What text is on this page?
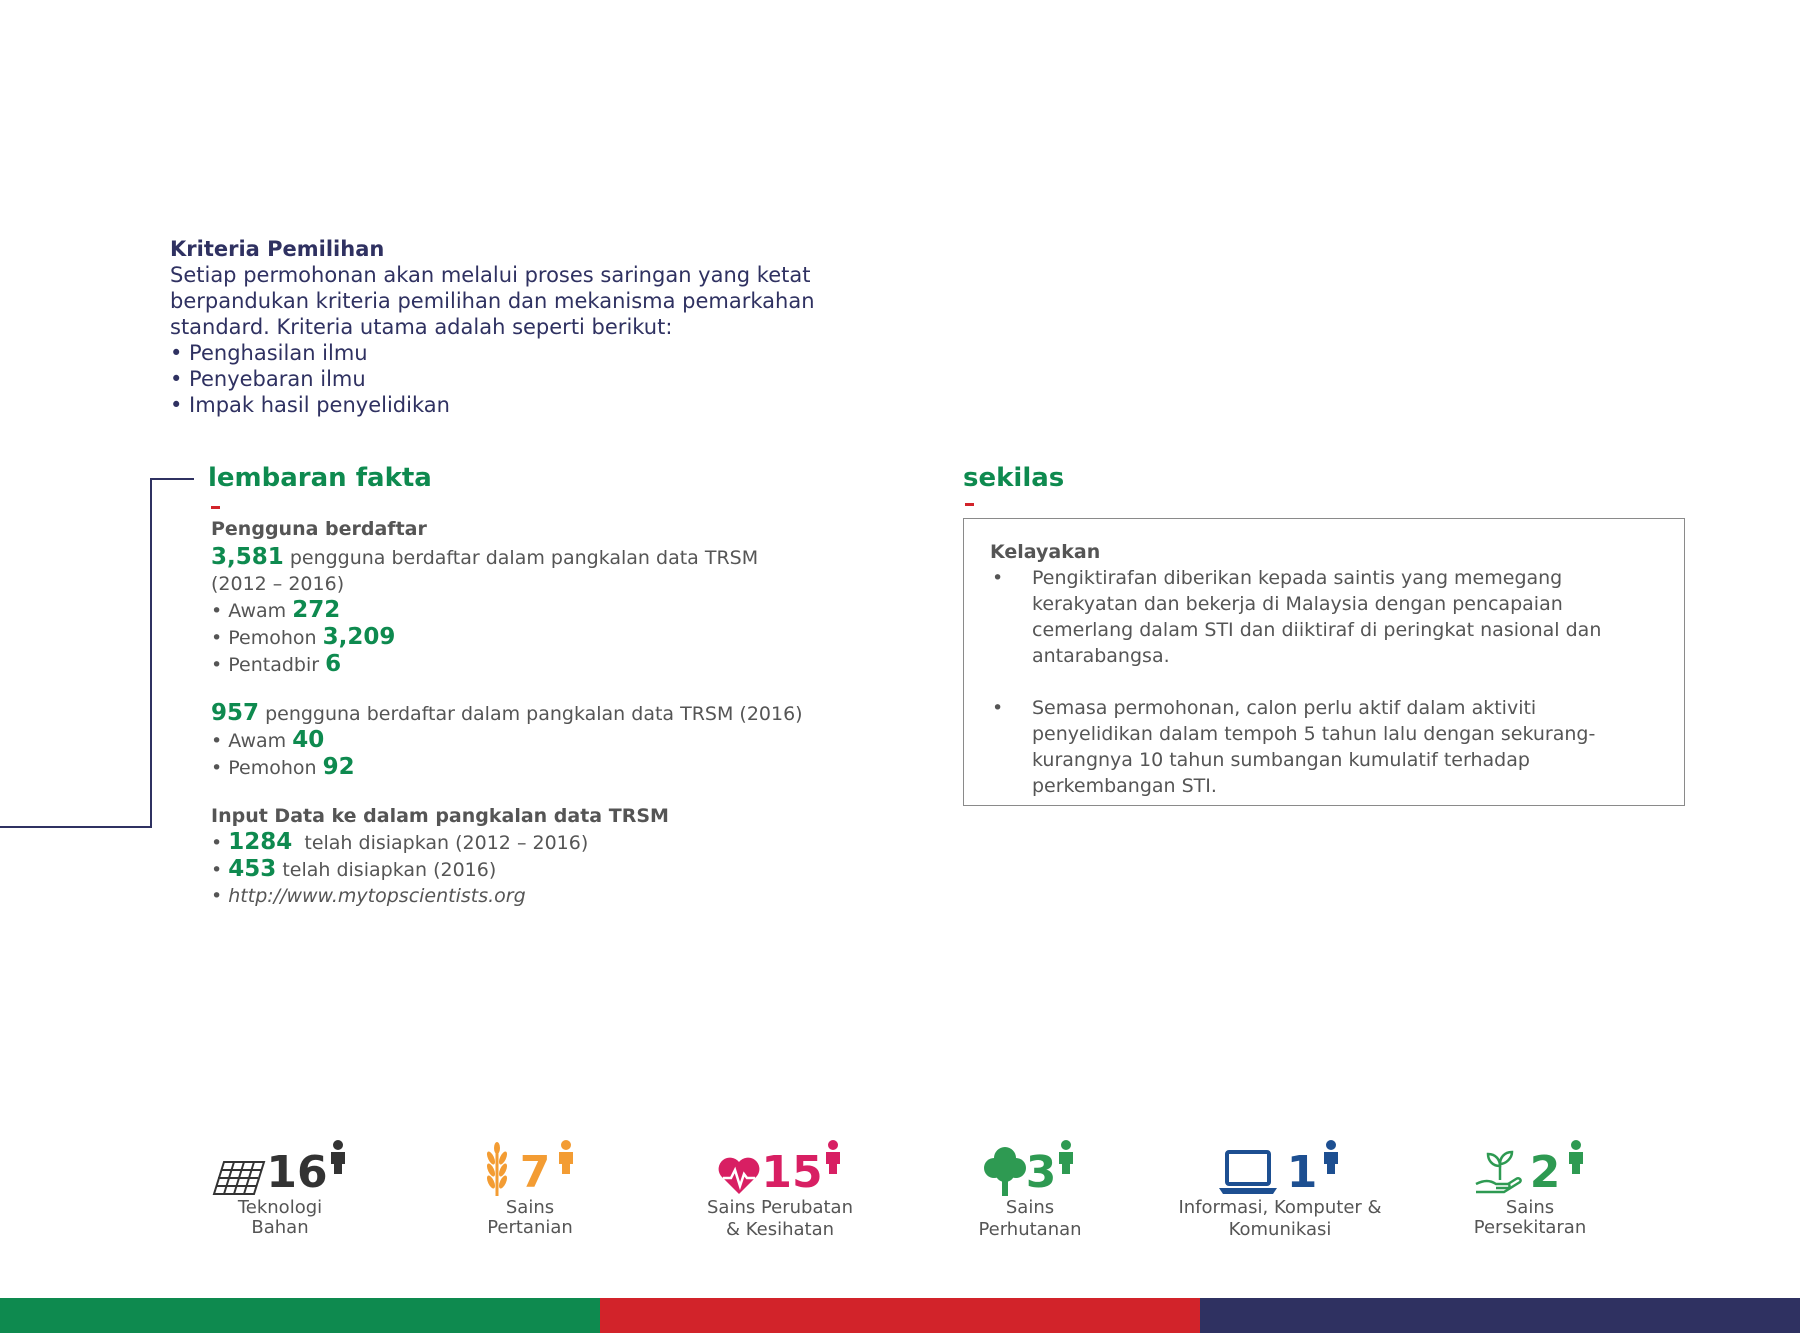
Kriteria Pemilihan
Setiap permohonan akan melalui proses saringan yang ketat
berpandukan kriteria pemilihan dan mekanisma pemarkahan
standard. Kriteria utama adalah seperti berikut:
• Penghasilan ilmu
• Penyebaran ilmu
• Impak hasil penyelidikan
lembaran fakta
Pengguna berdaftar
3,581 pengguna berdaftar dalam pangkalan data TRSM
(2012 – 2016)
• Awam 272
• Pemohon 3,209
• Pentadbir 6
957 pengguna berdaftar dalam pangkalan data TRSM (2016)
• Awam 40
• Pemohon 92
Input Data ke dalam pangkalan data TRSM
• 1284 telah disiapkan (2012 – 2016)
• 453 telah disiapkan (2016)
• http://www.mytopscientists.org
sekilas
Kelayakan
• Pengiktirafan diberikan kepada saintis yang memegang kerakyatan dan bekerja di Malaysia dengan pencapaian cemerlang dalam STI dan diiktiraf di peringkat nasional dan antarabangsa.
• Semasa permohonan, calon perlu aktif dalam aktiviti penyelidikan dalam tempoh 5 tahun lalu dengan sekurang-kurangnya 10 tahun sumbangan kumulatif terhadap perkembangan STI.
16
Teknologi
Bahan
7
Sains
Pertanian
15
Sains Perubatan
& Kesihatan
3
Sains
Perhutanan
1
Informasi, Komputer &
Komunikasi
2
Sains
Persekitaran
